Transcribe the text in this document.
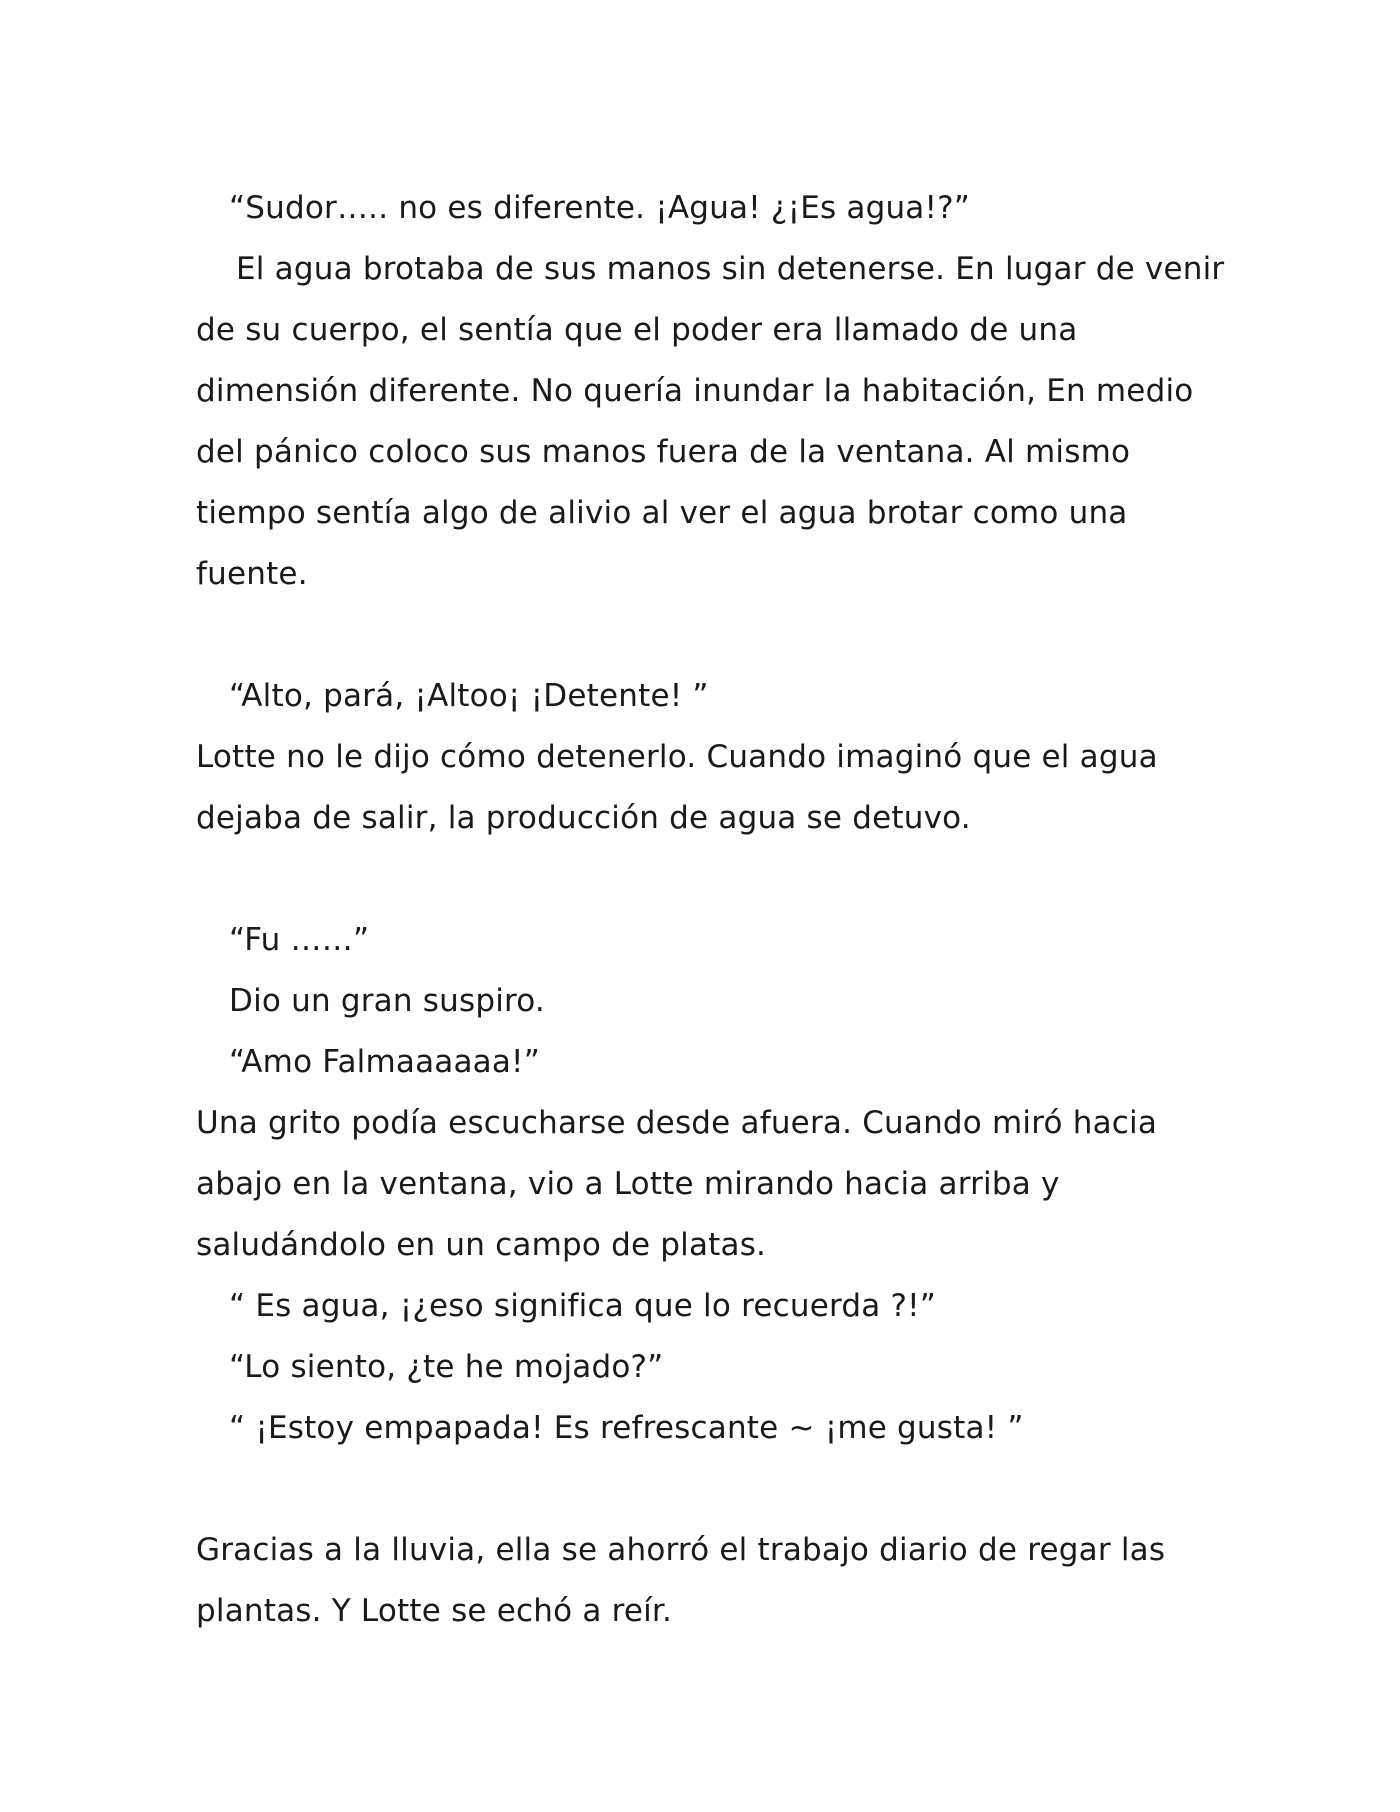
“Sudor….. no es diferente. ¡Agua! ¿¡Es agua!?”
El agua brotaba de sus manos sin detenerse. En lugar de venir
de su cuerpo, el sentía que el poder era llamado de una
dimensión diferente. No quería inundar la habitación, En medio
del pánico coloco sus manos fuera de la ventana. Al mismo
tiempo sentía algo de alivio al ver el agua brotar como una
fuente.
“Alto, pará, ¡Altoo¡ ¡Detente! ”
Lotte no le dijo cómo detenerlo. Cuando imaginó que el agua
dejaba de salir, la producción de agua se detuvo.
“Fu ……”
Dio un gran suspiro.
“Amo Falmaaaaaa!”
Una grito podía escucharse desde afuera. Cuando miró hacia
abajo en la ventana, vio a Lotte mirando hacia arriba y
saludándolo en un campo de platas.
“ Es agua, ¡¿eso significa que lo recuerda ?!”
“Lo siento, ¿te he mojado?”
“ ¡Estoy empapada! Es refrescante ~ ¡me gusta! ”
Gracias a la lluvia, ella se ahorró el trabajo diario de regar las
plantas. Y Lotte se echó a reír.
